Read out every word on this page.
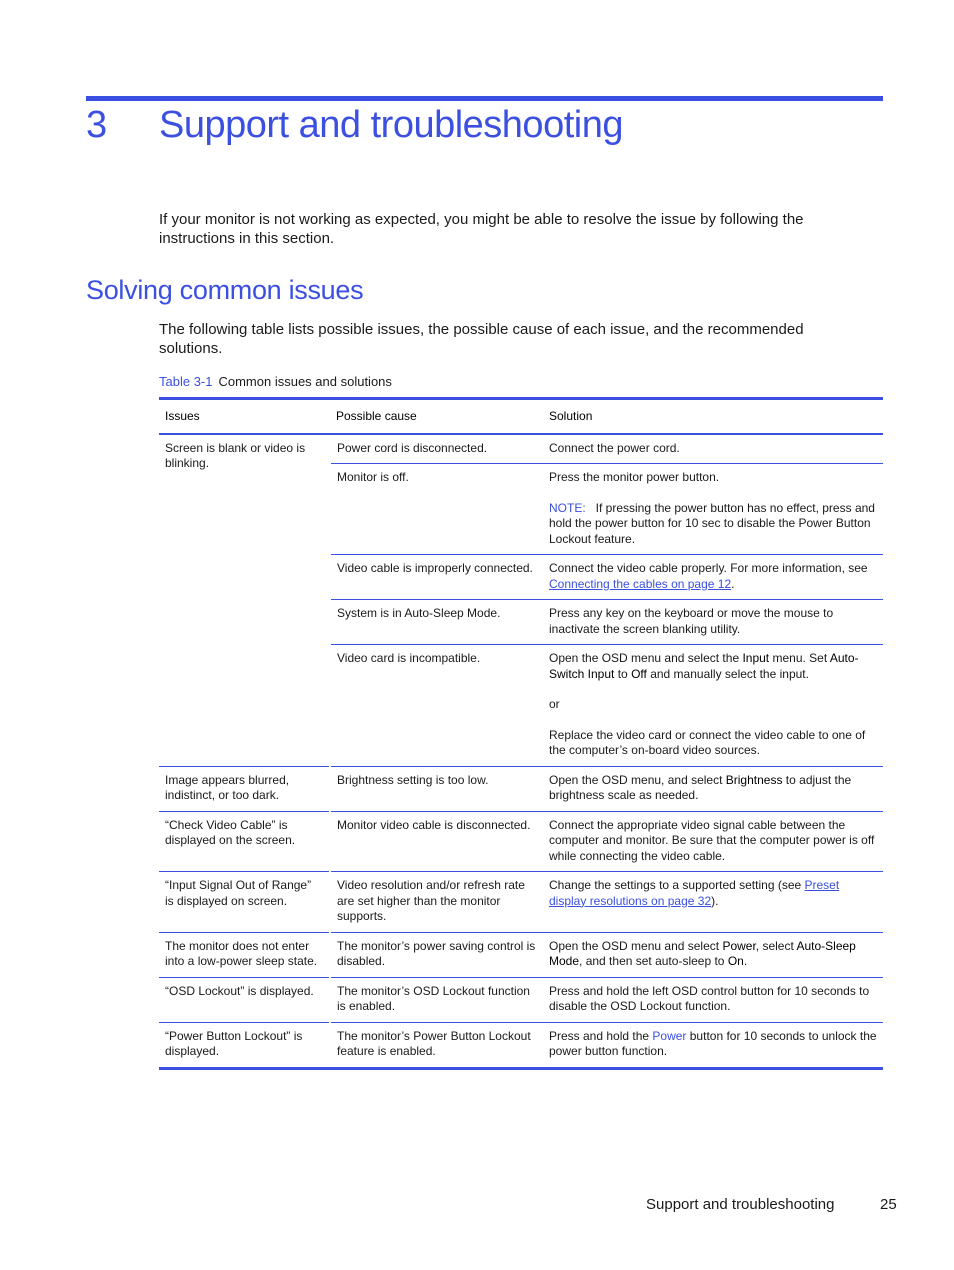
3 Support and troubleshooting
If your monitor is not working as expected, you might be able to resolve the issue by following the instructions in this section.
Solving common issues
The following table lists possible issues, the possible cause of each issue, and the recommended solutions.
Table 3-1 Common issues and solutions
Issues	Possible cause	Solution
Screen is blank or video is blinking.	Power cord is disconnected.	Connect the power cord.
	Monitor is off.	Press the monitor power button.

NOTE: If pressing the power button has no effect, press and hold the power button for 10 sec to disable the Power Button Lockout feature.

	Video cable is improperly connected.	Connect the video cable properly. For more information, see Connecting the cables on page 12.
	System is in Auto-Sleep Mode.	Press any key on the keyboard or move the mouse to inactivate the screen blanking utility.
	Video card is incompatible.	Open the OSD menu and select the Input menu. Set Auto-Switch Input to Off and manually select the input.

or

Replace the video card or connect the video cable to one of the computer’s on-board video sources.

Image appears blurred, indistinct, or too dark.	Brightness setting is too low.	Open the OSD menu, and select Brightness to adjust the brightness scale as needed.
“Check Video Cable” is displayed on the screen.	Monitor video cable is disconnected.	Connect the appropriate video signal cable between the computer and monitor. Be sure that the computer power is off while connecting the video cable.
“Input Signal Out of Range” is displayed on screen.	Video resolution and/or refresh rate are set higher than the monitor supports.	Change the settings to a supported setting (see Preset display resolutions on page 32).
The monitor does not enter into a low-power sleep state.	The monitor’s power saving control is disabled.	Open the OSD menu and select Power, select Auto-Sleep Mode, and then set auto-sleep to On.
“OSD Lockout” is displayed.	The monitor’s OSD Lockout function is enabled.	Press and hold the left OSD control button for 10 seconds to disable the OSD Lockout function.
“Power Button Lockout” is displayed.	The monitor’s Power Button Lockout feature is enabled.	Press and hold the Power button for 10 seconds to unlock the power button function.
Support and troubleshooting	25
